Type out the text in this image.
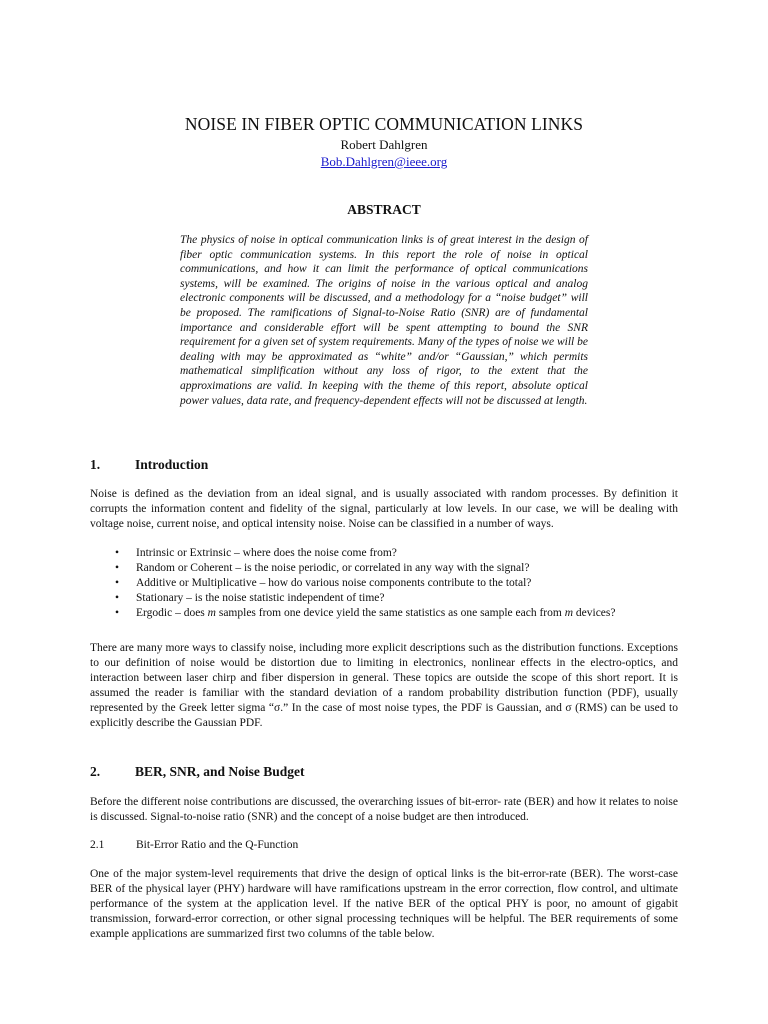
NOISE IN FIBER OPTIC COMMUNICATION LINKS
Robert Dahlgren
Bob.Dahlgren@ieee.org
ABSTRACT
The physics of noise in optical communication links is of great interest in the design of fiber optic communication systems. In this report the role of noise in optical communications, and how it can limit the performance of optical communications systems, will be examined. The origins of noise in the various optical and analog electronic components will be discussed, and a methodology for a “noise budget” will be proposed. The ramifications of Signal-to-Noise Ratio (SNR) are of fundamental importance and considerable effort will be spent attempting to bound the SNR requirement for a given set of system requirements. Many of the types of noise we will be dealing with may be approximated as “white” and/or “Gaussian,” which permits mathematical simplification without any loss of rigor, to the extent that the approximations are valid. In keeping with the theme of this report, absolute optical power values, data rate, and frequency-dependent effects will not be discussed at length.
1.	Introduction
Noise is defined as the deviation from an ideal signal, and is usually associated with random processes. By definition it corrupts the information content and fidelity of the signal, particularly at low levels. In our case, we will be dealing with voltage noise, current noise, and optical intensity noise. Noise can be classified in a number of ways.
• Intrinsic or Extrinsic – where does the noise come from?
• Random or Coherent – is the noise periodic, or correlated in any way with the signal?
• Additive or Multiplicative – how do various noise components contribute to the total?
• Stationary – is the noise statistic independent of time?
• Ergodic – does m samples from one device yield the same statistics as one sample each from m devices?
There are many more ways to classify noise, including more explicit descriptions such as the distribution functions. Exceptions to our definition of noise would be distortion due to limiting in electronics, nonlinear effects in the electro-optics, and interaction between laser chirp and fiber dispersion in general. These topics are outside the scope of this short report. It is assumed the reader is familiar with the standard deviation of a random probability distribution function (PDF), usually represented by the Greek letter sigma “σ.” In the case of most noise types, the PDF is Gaussian, and σ (RMS) can be used to explicitly describe the Gaussian PDF.
2.	BER, SNR, and Noise Budget
Before the different noise contributions are discussed, the overarching issues of bit-error- rate (BER) and how it relates to noise is discussed. Signal-to-noise ratio (SNR) and the concept of a noise budget are then introduced.
2.1	Bit-Error Ratio and the Q-Function
One of the major system-level requirements that drive the design of optical links is the bit-error-rate (BER). The worst-case BER of the physical layer (PHY) hardware will have ramifications upstream in the error correction, flow control, and ultimate performance of the system at the application level. If the native BER of the optical PHY is poor, no amount of gigabit transmission, forward-error correction, or other signal processing techniques will be helpful. The BER requirements of some example applications are summarized first two columns of the table below.
